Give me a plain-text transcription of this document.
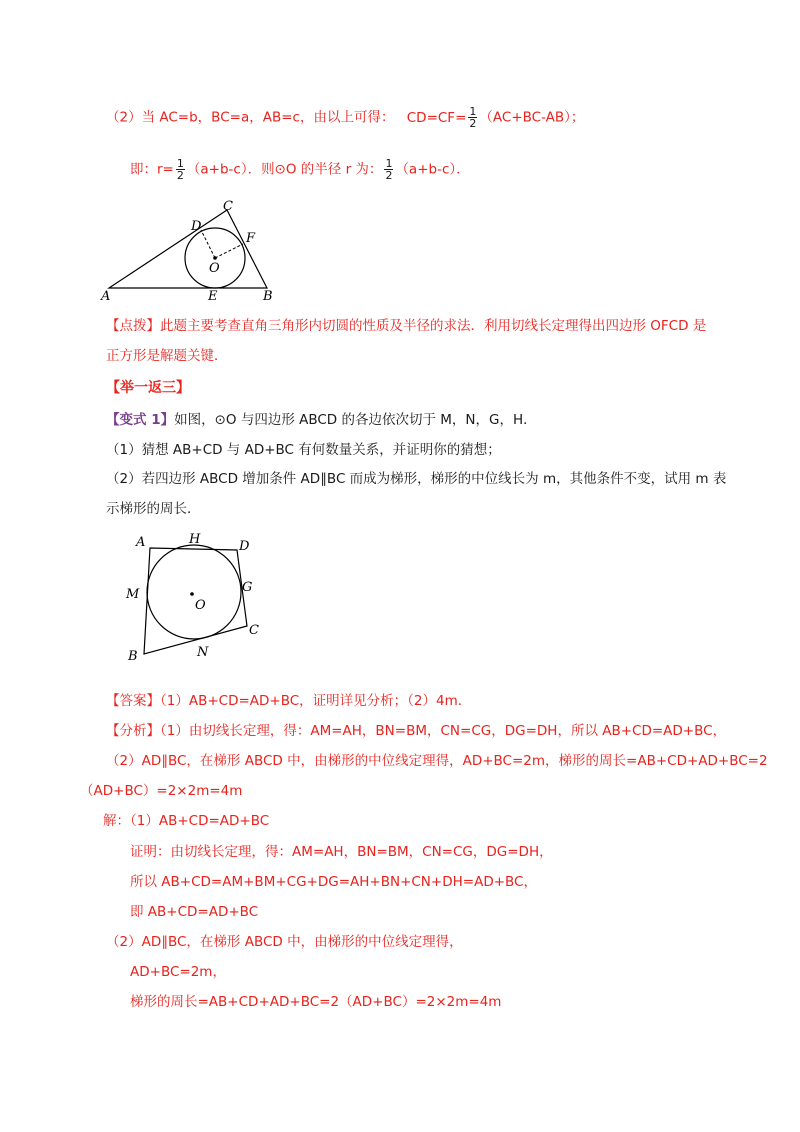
（2）当 AC=b，BC=a，AB=c，由以上可得： $CD=CF= \frac{1}{2} (AC+BC-AB)$；
即：$r= \frac{1}{2} (a+b-c)$．则⊙O 的半径 r 为： $\frac{1}{2} (a+b-c)$．
C
D
F
O
A	E	B
【点拨】此题主要考查直角三角形内切圆的性质及半径的求法．利用切线长定理得出四边形 OFCD 是
正方形是解题关键．
【举一返三】
【变式 1】如图，⊙O 与四边形 ABCD 的各边依次切于 M，N，G，H．
（1）猜想 AB+CD 与 AD+BC 有何数量关系，并证明你的猜想；
（2）若四边形 ABCD 增加条件 AD∥BC 而成为梯形，梯形的中位线长为 m，其他条件不变，试用 m 表
示梯形的周长．
A	H	D
M
O
G
C
B	N
【答案】（1）AB+CD=AD+BC，证明详见分析；（2）4m．
【分析】（1）由切线长定理，得：AM=AH，BN=BM，CN=CG，DG=DH，所以 AB+CD=AD+BC，
（2）AD∥BC，在梯形 ABCD 中，由梯形的中位线定理得，AD+BC=2m，梯形的周长=AB+CD+AD+BC=2
（AD+BC）=2×2m=4m
解：（1）AB+CD=AD+BC
证明：由切线长定理，得：AM=AH，BN=BM，CN=CG，DG=DH，
所以 AB+CD=AM+BM+CG+DG=AH+BN+CN+DH=AD+BC，
即 AB+CD=AD+BC
（2）AD∥BC，在梯形 ABCD 中，由梯形的中位线定理得，
AD+BC=2m，
梯形的周长=AB+CD+AD+BC=2（AD+BC）=2×2m=4m
